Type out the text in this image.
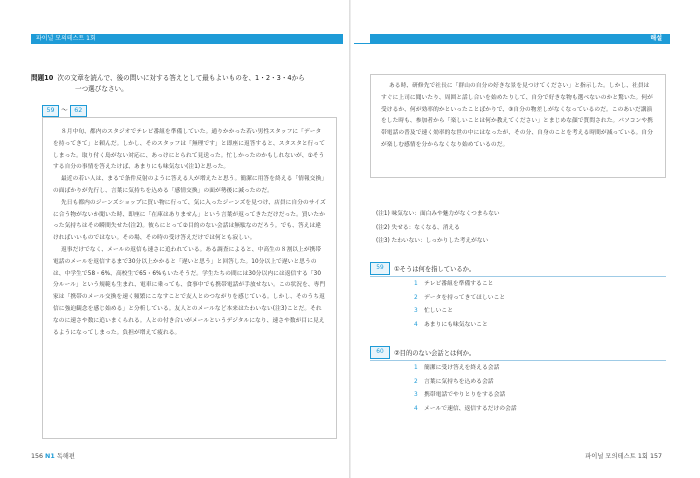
파이널 모의테스트 1회	해설
問題10 次の文章を読んで、後の問いに対する答えとして最もよいものを、1・2・3・4から
一つ選びなさい。
59 〜 62

８月中旬、都内のスタジオでテレビ番組を準備していた。通りかかった若い男性スタッフに「データを持ってきて」と頼んだ。しかし、そのスタッフは「無理です」と即座に返答すると、スタスタと行ってしまった。取り付く島がない対応に、あっけにとられて見送った。忙しかったのかもしれないが、①そうする自分の事情を答えたけば、あまりにも味気ない(注1)と思った。

最近の若い人は、まるで条件反射のように答える人が増えたと思う。簡潔に用答を終える「情報交換」の面ばかりが先行し、言葉に気持ちを込める「感情交換」の面が勢後に減ったのだ。

先日も都内のジーンズショップに買い物に行って、気に入ったジーンズを見つけ、店員に自分のサイズに合う物がないか聞いた時、即座に「在庫はありません」という言葉が返ってきただけだった。買いたかった気持ちはその瞬間失せた(注2)。彼らにとって②目的のない会話は無駄なのだろう。でも、答えは違ければいいものではない。その場、その時の受け答えだけでは何とも寂しい。

返事だけでなく、メールの返信も速さに追われている。ある調査によると、中高生の８割以上が携帯電話のメールを返信するまで30分以上かかると「遅いと思う」と回答した。10分以上で遅いと思うのは、中学生で58・6%、高校生で65・6%もいたそうだ。学生たちの間には30分以内には返信する「30分ルール」という規範も生まれ、電車に乗っても、食事中でも携帯電話が手放せない。この状況を、専門家は「携帯のメール交換を速く頻繁にこなすことで友人とのつながりを感じている。しかし、そのうち返信に強迫観念を感じ始める」と分析している。友人とのメールなど本来はたわいない(注3)ことだ。それなのに速さや数に追いまくられる。人との付き合いがメールというデジタルになり、速さや数が目に見えるようになってしまった。負担が増えて疲れる。

ある時、研修先で社長に「群山の自分の好きな景を見つけてください」と指示した。しかし、社員はすぐに上司に聞いたり、周囲と話し合いを始めたりして、自分で好きな物も選べないのかと驚いた。何が受けるか、何が効率的かといったことばかりで、③自分の物差しがなくなっているのだ。このあいだ講演をした時も、参加者から「楽しいことは何か教えてください」とまじめな顔で質問された。パソコンや携帯電話の普及で速く効率的な世の中にはなったが、その分、自身のことを考える時間が減っている。自分が楽しむ感情を分からなくなり始めているのだ。

(注1) 味気ない：面白みや魅力がなくつまらない
(注2) 失せる：なくなる、消える
(注3) たわいない：しっかりした考えがない
59	①そうは何を指しているか。
1 テレビ番組を準備すること
2 データを持ってきてほしいこと
3 忙しいこと
4 あまりにも味気ないこと
60	②目的のない会話とは何か。
1 簡潔に受け答えを終える会話
2 言葉に気持ちを込める会話
3 携帯電話でやりとりをする会話
4 メールで速信、返信するだけの会話
156 N1 독해편	파이널 모의테스트 1회 157
